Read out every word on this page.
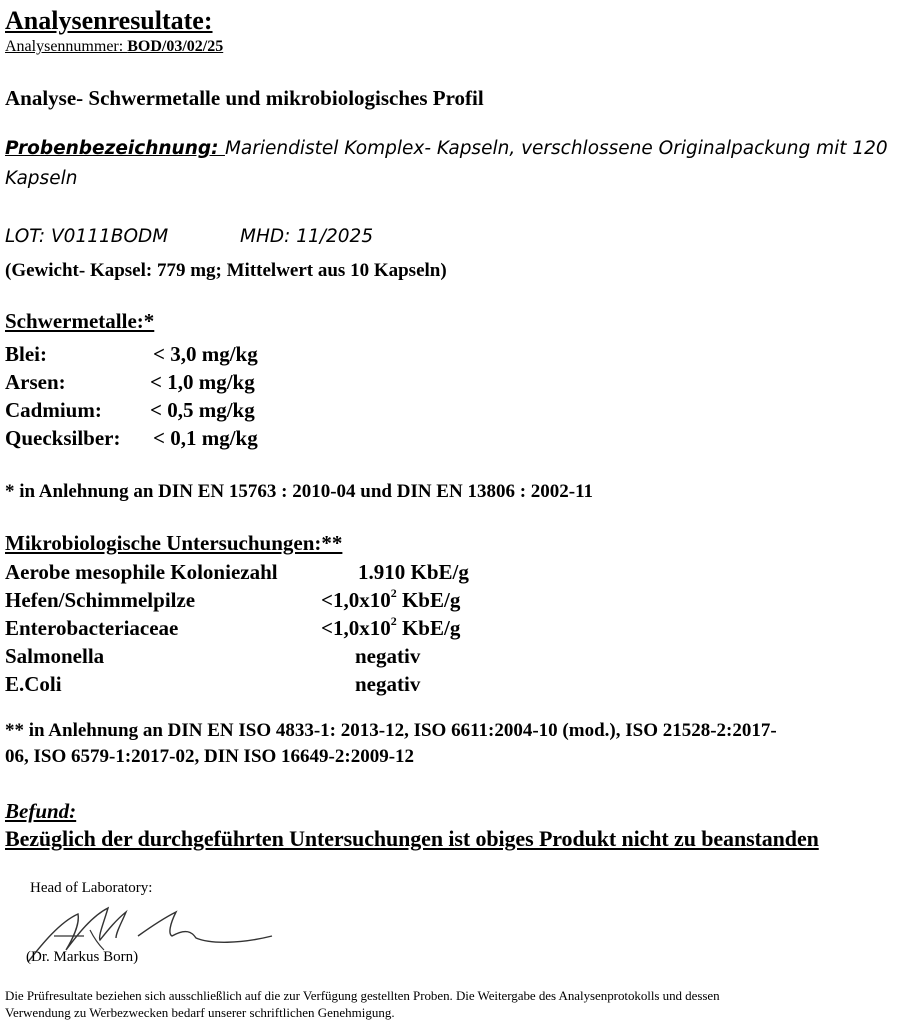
Analysenresultate:
Analysennummer: BOD/03/02/25
Analyse- Schwermetalle und mikrobiologisches Profil
Probenbezeichnung: Mariendistel Komplex- Kapseln, verschlossene Originalpackung mit 120
Kapseln
LOT: V0111BODM	MHD: 11/2025
(Gewicht- Kapsel: 779 mg; Mittelwert aus 10 Kapseln)
Schwermetalle:*
Blei:	< 3,0 mg/kg
Arsen:	< 1,0 mg/kg
Cadmium: < 0,5 mg/kg
Quecksilber: < 0,1 mg/kg
* in Anlehnung an DIN EN 15763 : 2010-04 und DIN EN 13806 : 2002-11
Mikrobiologische Untersuchungen:**
Aerobe mesophile Koloniezahl	1.910 KbE/g
Hefen/Schimmelpilze	$<1,0x10^2$ KbE/g
Enterobacteriaceae	$<1,0x10^2$ KbE/g
Salmonella	negativ
E.Coli	negativ
** in Anlehnung an DIN EN ISO 4833-1: 2013-12, ISO 6611:2004-10 (mod.), ISO 21528-2:2017-
06, ISO 6579-1:2017-02, DIN ISO 16649-2:2009-12
Befund:
Bezüglich der durchgeführten Untersuchungen ist obiges Produkt nicht zu beanstanden
Head of Laboratory:
(Dr. Markus Born)
Die Prüfresultate beziehen sich ausschließlich auf die zur Verfügung gestellten Proben. Die Weitergabe des Analysenprotokolls und dessen
Verwendung zu Werbezwecken bedarf unserer schriftlichen Genehmigung.
